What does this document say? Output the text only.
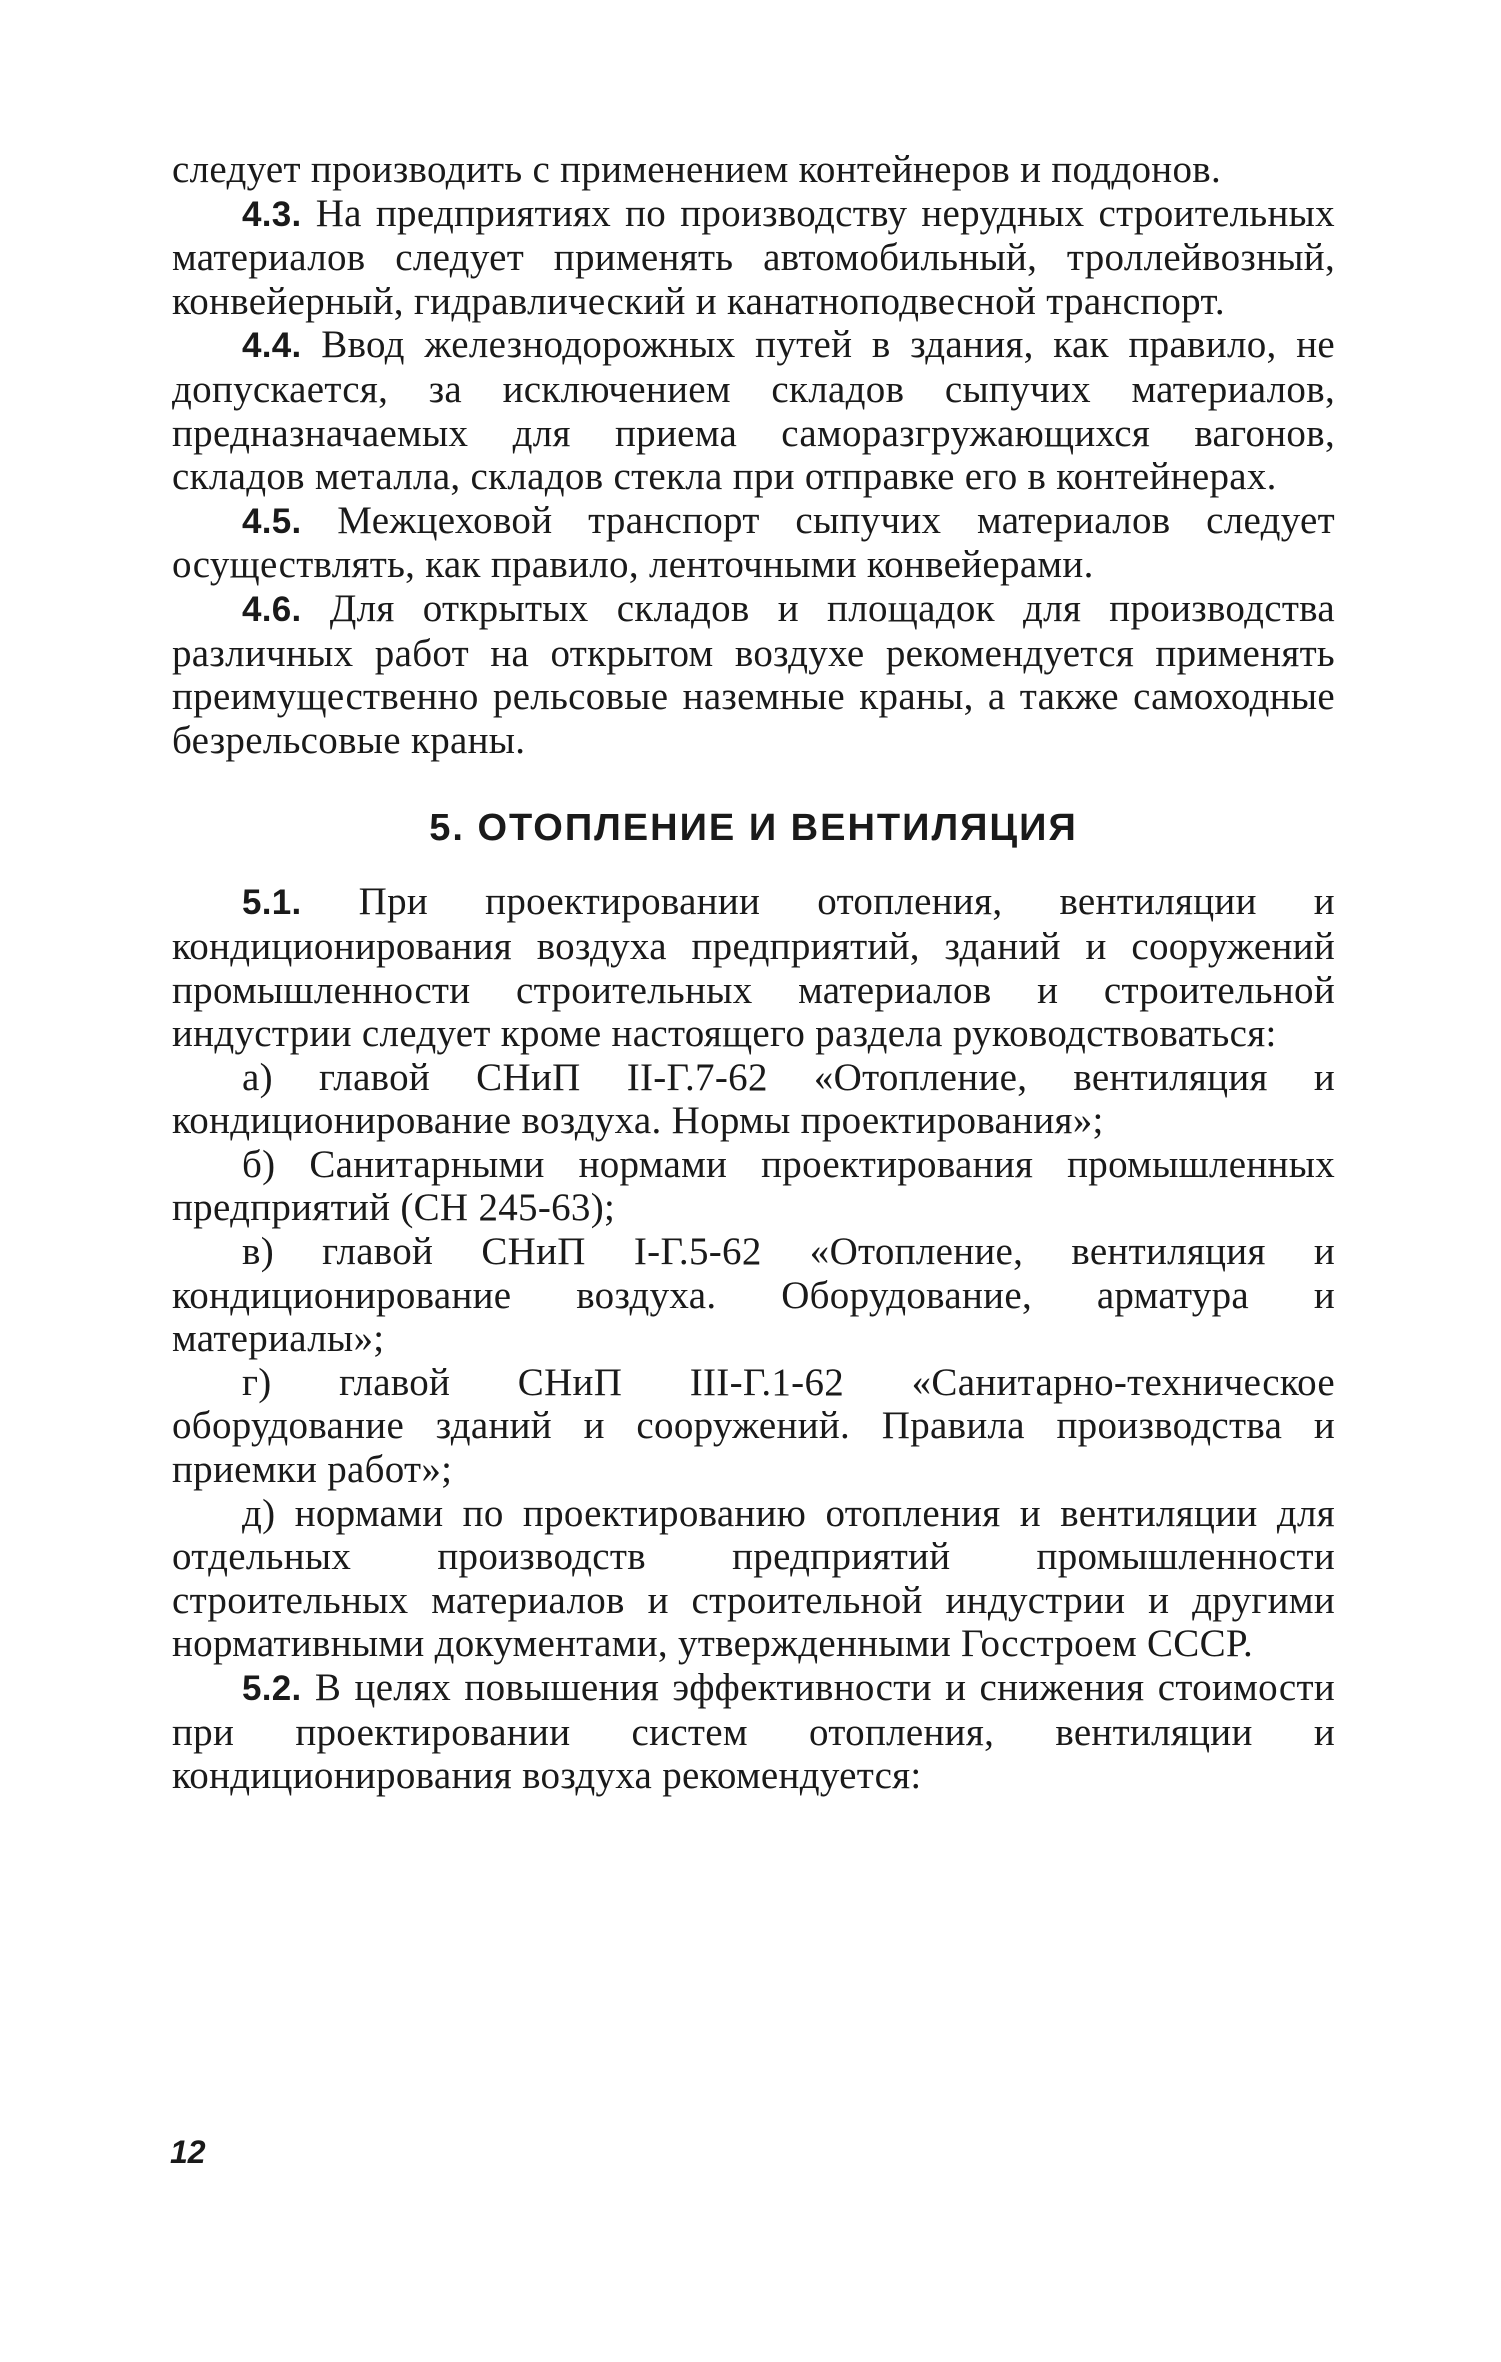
следует производить с применением контейнеров и поддонов.

4.3. На предприятиях по производству нерудных строительных материалов следует применять автомобильный, троллейвозный, конвейерный, гидравлический и канатноподвесной транспорт.

4.4. Ввод железнодорожных путей в здания, как правило, не допускается, за исключением складов сыпучих материалов, предназначаемых для приема саморазгружающихся вагонов, складов металла, складов стекла при отправке его в контейнерах.

4.5. Межцеховой транспорт сыпучих материалов следует осуществлять, как правило, ленточными конвейерами.

4.6. Для открытых складов и площадок для производства различных работ на открытом воздухе рекомендуется применять преимущественно рельсовые наземные краны, а также самоходные безрельсовые краны.

5. ОТОПЛЕНИЕ И ВЕНТИЛЯЦИЯ

5.1. При проектировании отопления, вентиляции и кондиционирования воздуха предприятий, зданий и сооружений промышленности строительных материалов и строительной индустрии следует кроме настоящего раздела руководствоваться:

а) главой СНиП II-Г.7-62 «Отопление, вентиляция и кондиционирование воздуха. Нормы проектирования»;

б) Санитарными нормами проектирования промышленных предприятий (СН 245-63);

в) главой СНиП I-Г.5-62 «Отопление, вентиляция и кондиционирование воздуха. Оборудование, арматура и материалы»;

г) главой СНиП III-Г.1-62 «Санитарно-техническое оборудование зданий и сооружений. Правила производства и приемки работ»;

д) нормами по проектированию отопления и вентиляции для отдельных производств предприятий промышленности строительных материалов и строительной индустрии и другими нормативными документами, утвержденными Госстроем СССР.

5.2. В целях повышения эффективности и снижения стоимости при проектировании систем отопления, вентиляции и кондиционирования воздуха рекомендуется:

12
